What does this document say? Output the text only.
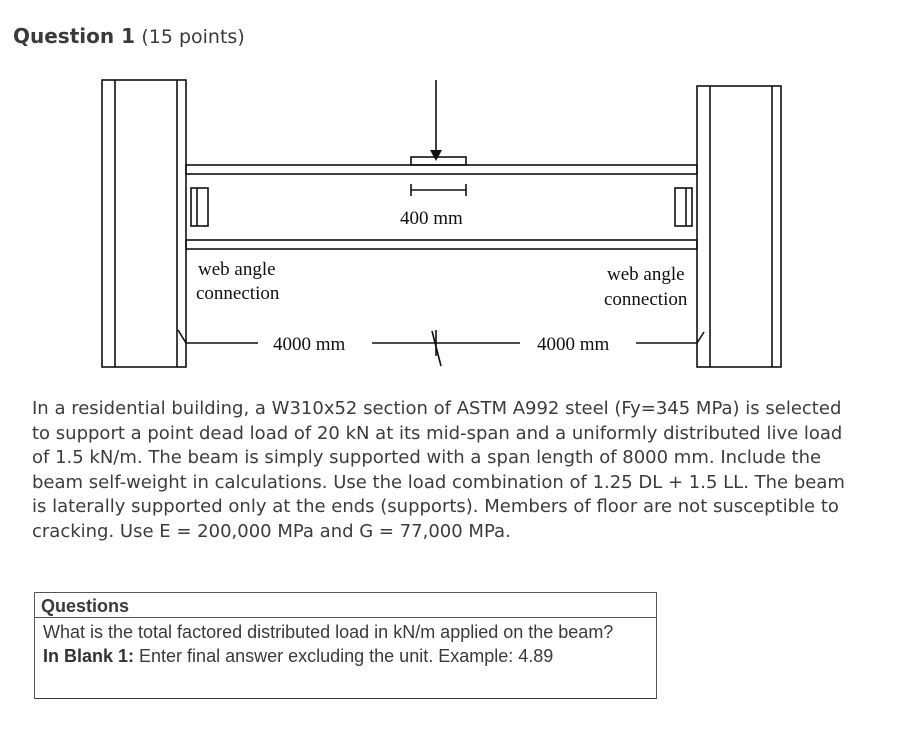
Question 1 (15 points)
400 mm
web angle
connection
web angle
connection
4000 mm	4000 mm

In a residential building, a W310x52 section of ASTM A992 steel (Fy=345 MPa) is selected to support a point dead load of 20 kN at its mid-span and a uniformly distributed live load of 1.5 kN/m. The beam is simply supported with a span length of 8000 mm. Include the beam self-weight in calculations. Use the load combination of 1.25 DL + 1.5 LL. The beam is laterally supported only at the ends (supports). Members of floor are not susceptible to cracking. Use E = 200,000 MPa and G = 77,000 MPa.

Questions
What is the total factored distributed load in kN/m applied on the beam?
In Blank 1: Enter final answer excluding the unit. Example: 4.89
